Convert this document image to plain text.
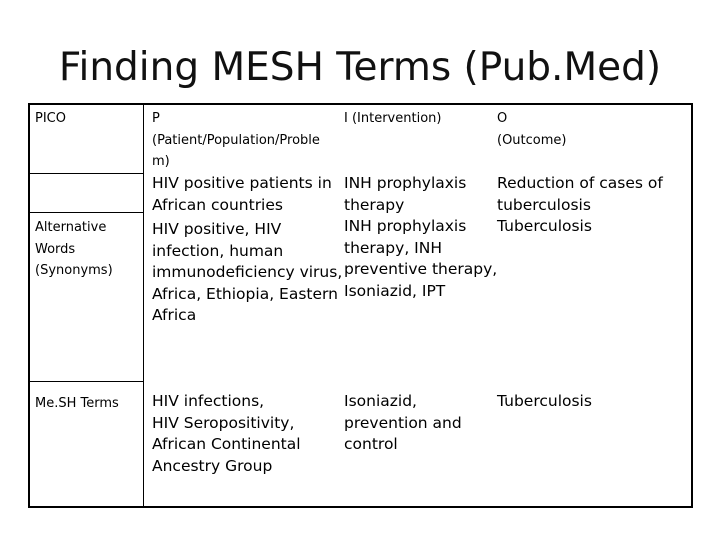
Finding MESH Terms (Pub.Med)
PICO	P
(Patient/Population/Proble
m)
I (Intervention)	O
(Outcome)
HIV positive patients in
African countries
INH prophylaxis
therapy
Reduction of cases of
tuberculosis
Alternative
Words
(Synonyms)
HIV positive, HIV
infection, human
immunodeficiency virus,
Africa, Ethiopia, Eastern
Africa
INH prophylaxis
therapy, INH
preventive therapy,
Isoniazid, IPT
Tuberculosis
Me.SH Terms HIV infections,
HIV Seropositivity,
African Continental
Ancestry Group
Isoniazid,
prevention and
control
Tuberculosis
